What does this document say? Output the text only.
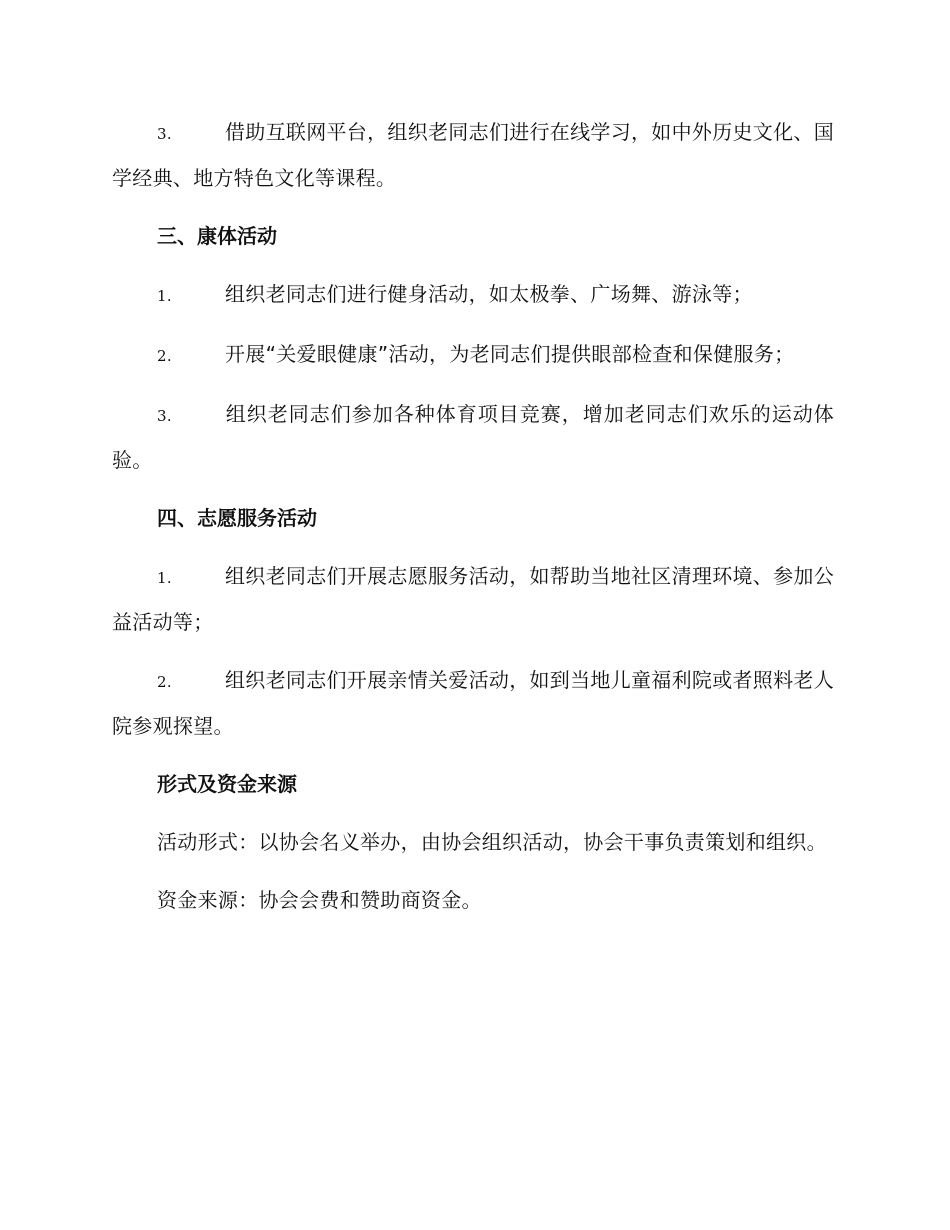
3.	借助互联网平台，组织老同志们进行在线学习，如中外历史文化、国学经典、地方特色文化等课程。

三、康体活动

1.	组织老同志们进行健身活动，如太极拳、广场舞、游泳等；

2.	开展“关爱眼健康”活动，为老同志们提供眼部检查和保健服务；

3.	组织老同志们参加各种体育项目竞赛，增加老同志们欢乐的运动体验。

四、志愿服务活动

1.	组织老同志们开展志愿服务活动，如帮助当地社区清理环境、参加公益活动等；

2.	组织老同志们开展亲情关爱活动，如到当地儿童福利院或者照料老人院参观探望。

形式及资金来源

活动形式：以协会名义举办，由协会组织活动，协会干事负责策划和组织。

资金来源：协会会费和赞助商资金。
